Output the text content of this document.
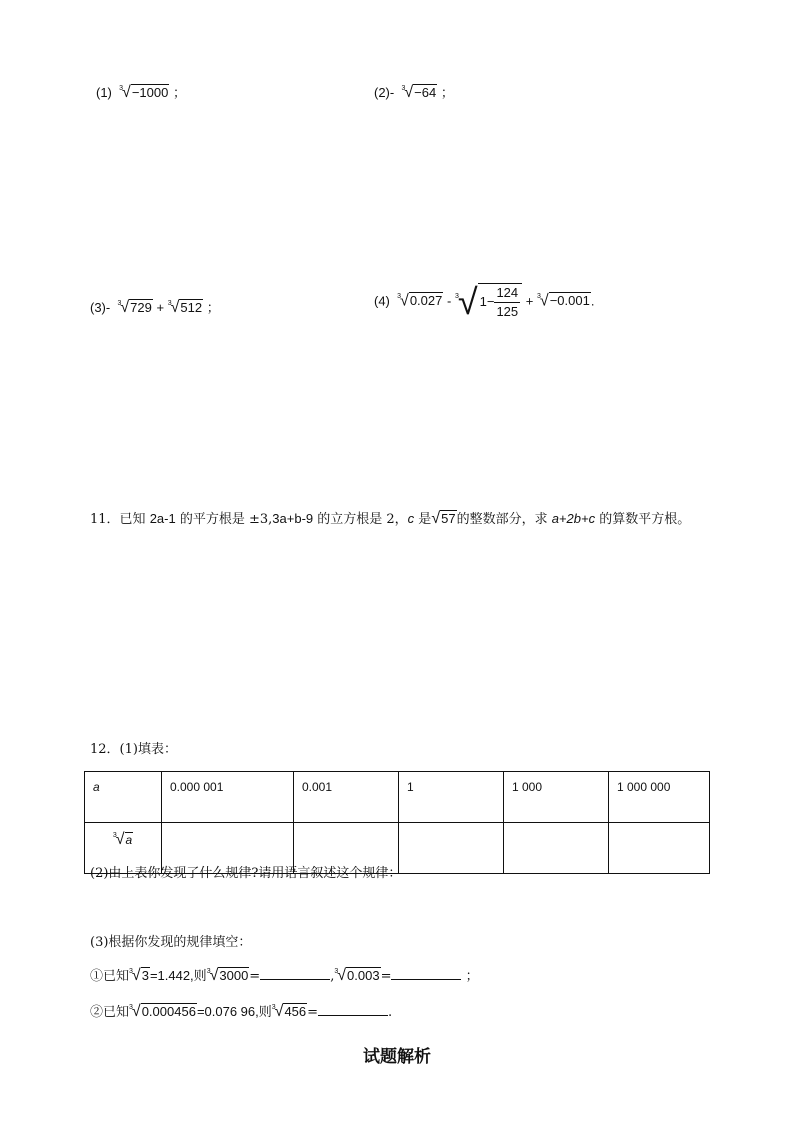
(1) $^3$√−1000 ；	(2)- $^3$√−64 ；
(3)- $^3$√729 + $^3$√512 ；	(4) $^3$√0.027 - $^3$√ $1- \frac{124}{125} + ^3√-0.001$.
11．已知 2a-1 的平方根是 ±3,3a+b-9 的立方根是 2，c 是√57的整数部分，求 a+2b+c 的算数平方根。
12．(1)填表：
a	0.000 001	0.001	1	1 000	1 000 000
$^3$√a					
(2)由上表你发现了什么规律?请用语言叙述这个规律：
(3)根据你发现的规律填空：
①已知$^3$√3=1.442,则$^3$√3000=	,$^3$√0.003=	；
②已知$^3$√0.000456=0.076 96,则$^3$√456=	.
试题解析
